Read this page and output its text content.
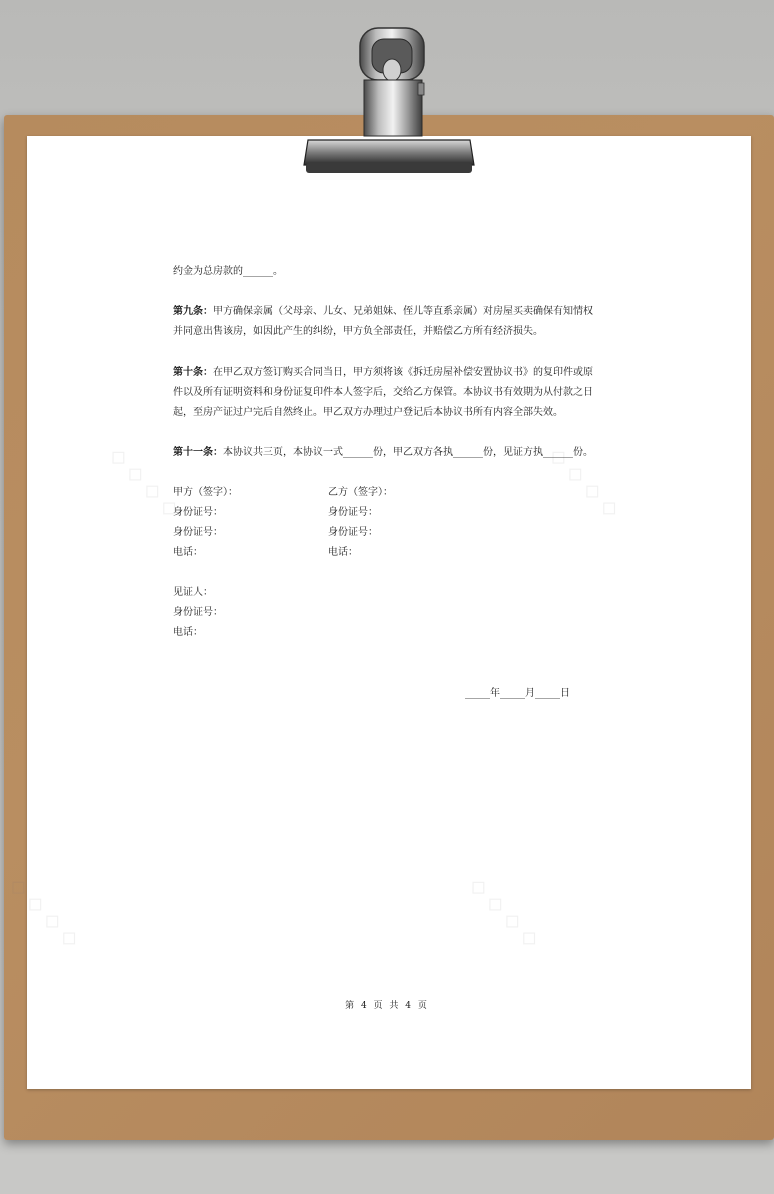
◇ ◇ ◇ ◇	◇ ◇ ◇ ◇
◇ ◇ ◇ ◇	◇ ◇ ◇ ◇
约金为总房款的______。
第九条：甲方确保亲属（父母亲、儿女、兄弟姐妹、侄儿等直系亲属）对房屋买卖确保有知情权
并同意出售该房，如因此产生的纠纷，甲方负全部责任，并赔偿乙方所有经济损失。
第十条：在甲乙双方签订购买合同当日，甲方须将该《拆迁房屋补偿安置协议书》的复印件或原
件以及所有证明资料和身份证复印件本人签字后，交给乙方保管。本协议书有效期为从付款之日
起，至房产证过户完后自然终止。甲乙双方办理过户登记后本协议书所有内容全部失效。
第十一条：本协议共三页，本协议一式______份，甲乙双方各执______份，见证方执______份。
甲方（签字）：
身份证号：
身份证号：
电话：
乙方（签字）：
身份证号：
身份证号：
电话：
见证人：
身份证号：
电话：
_____年_____月_____日
第 4 页 共 4 页
